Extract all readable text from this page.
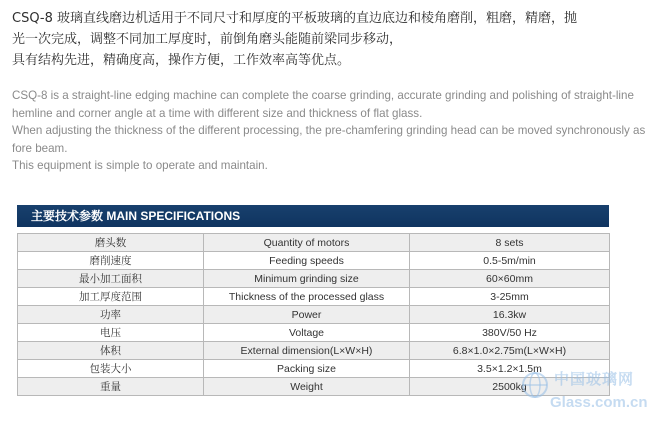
CSQ-8 玻璃直线磨边机适用于不同尺寸和厚度的平板玻璃的直边底边和棱角磨削，粗磨，精磨，抛
光一次完成，调整不同加工厚度时，前倒角磨头能随前梁同步移动，
具有结构先进，精确度高，操作方便，工作效率高等优点。

CSQ-8 is a straight-line edging machine can complete the coarse grinding, accurate grinding and polishing of straight-line hemline and corner angle at a time with different size and thickness of flat glass.

When adjusting the thickness of the different processing, the pre-chamfering grinding head can be moved synchronously as fore beam.

This equipment is simple to operate and maintain.

主要技术参数 MAIN SPECIFICATIONS
磨头数	Quantity of motors	8 sets
磨削速度	Feeding speeds	0.5-5m/min
最小加工面积	Minimum grinding size	60×60mm
加工厚度范围	Thickness of the processed glass	3-25mm
功率	Power	16.3kw
电压	Voltage	380V/50 Hz
体积	External dimension(L×W×H)	6.8×1.0×2.75m(L×W×H)
包装大小	Packing size	3.5×1.2×1.5m
重量	Weight	2500kg 中国玻璃网
Glass.com.cn
